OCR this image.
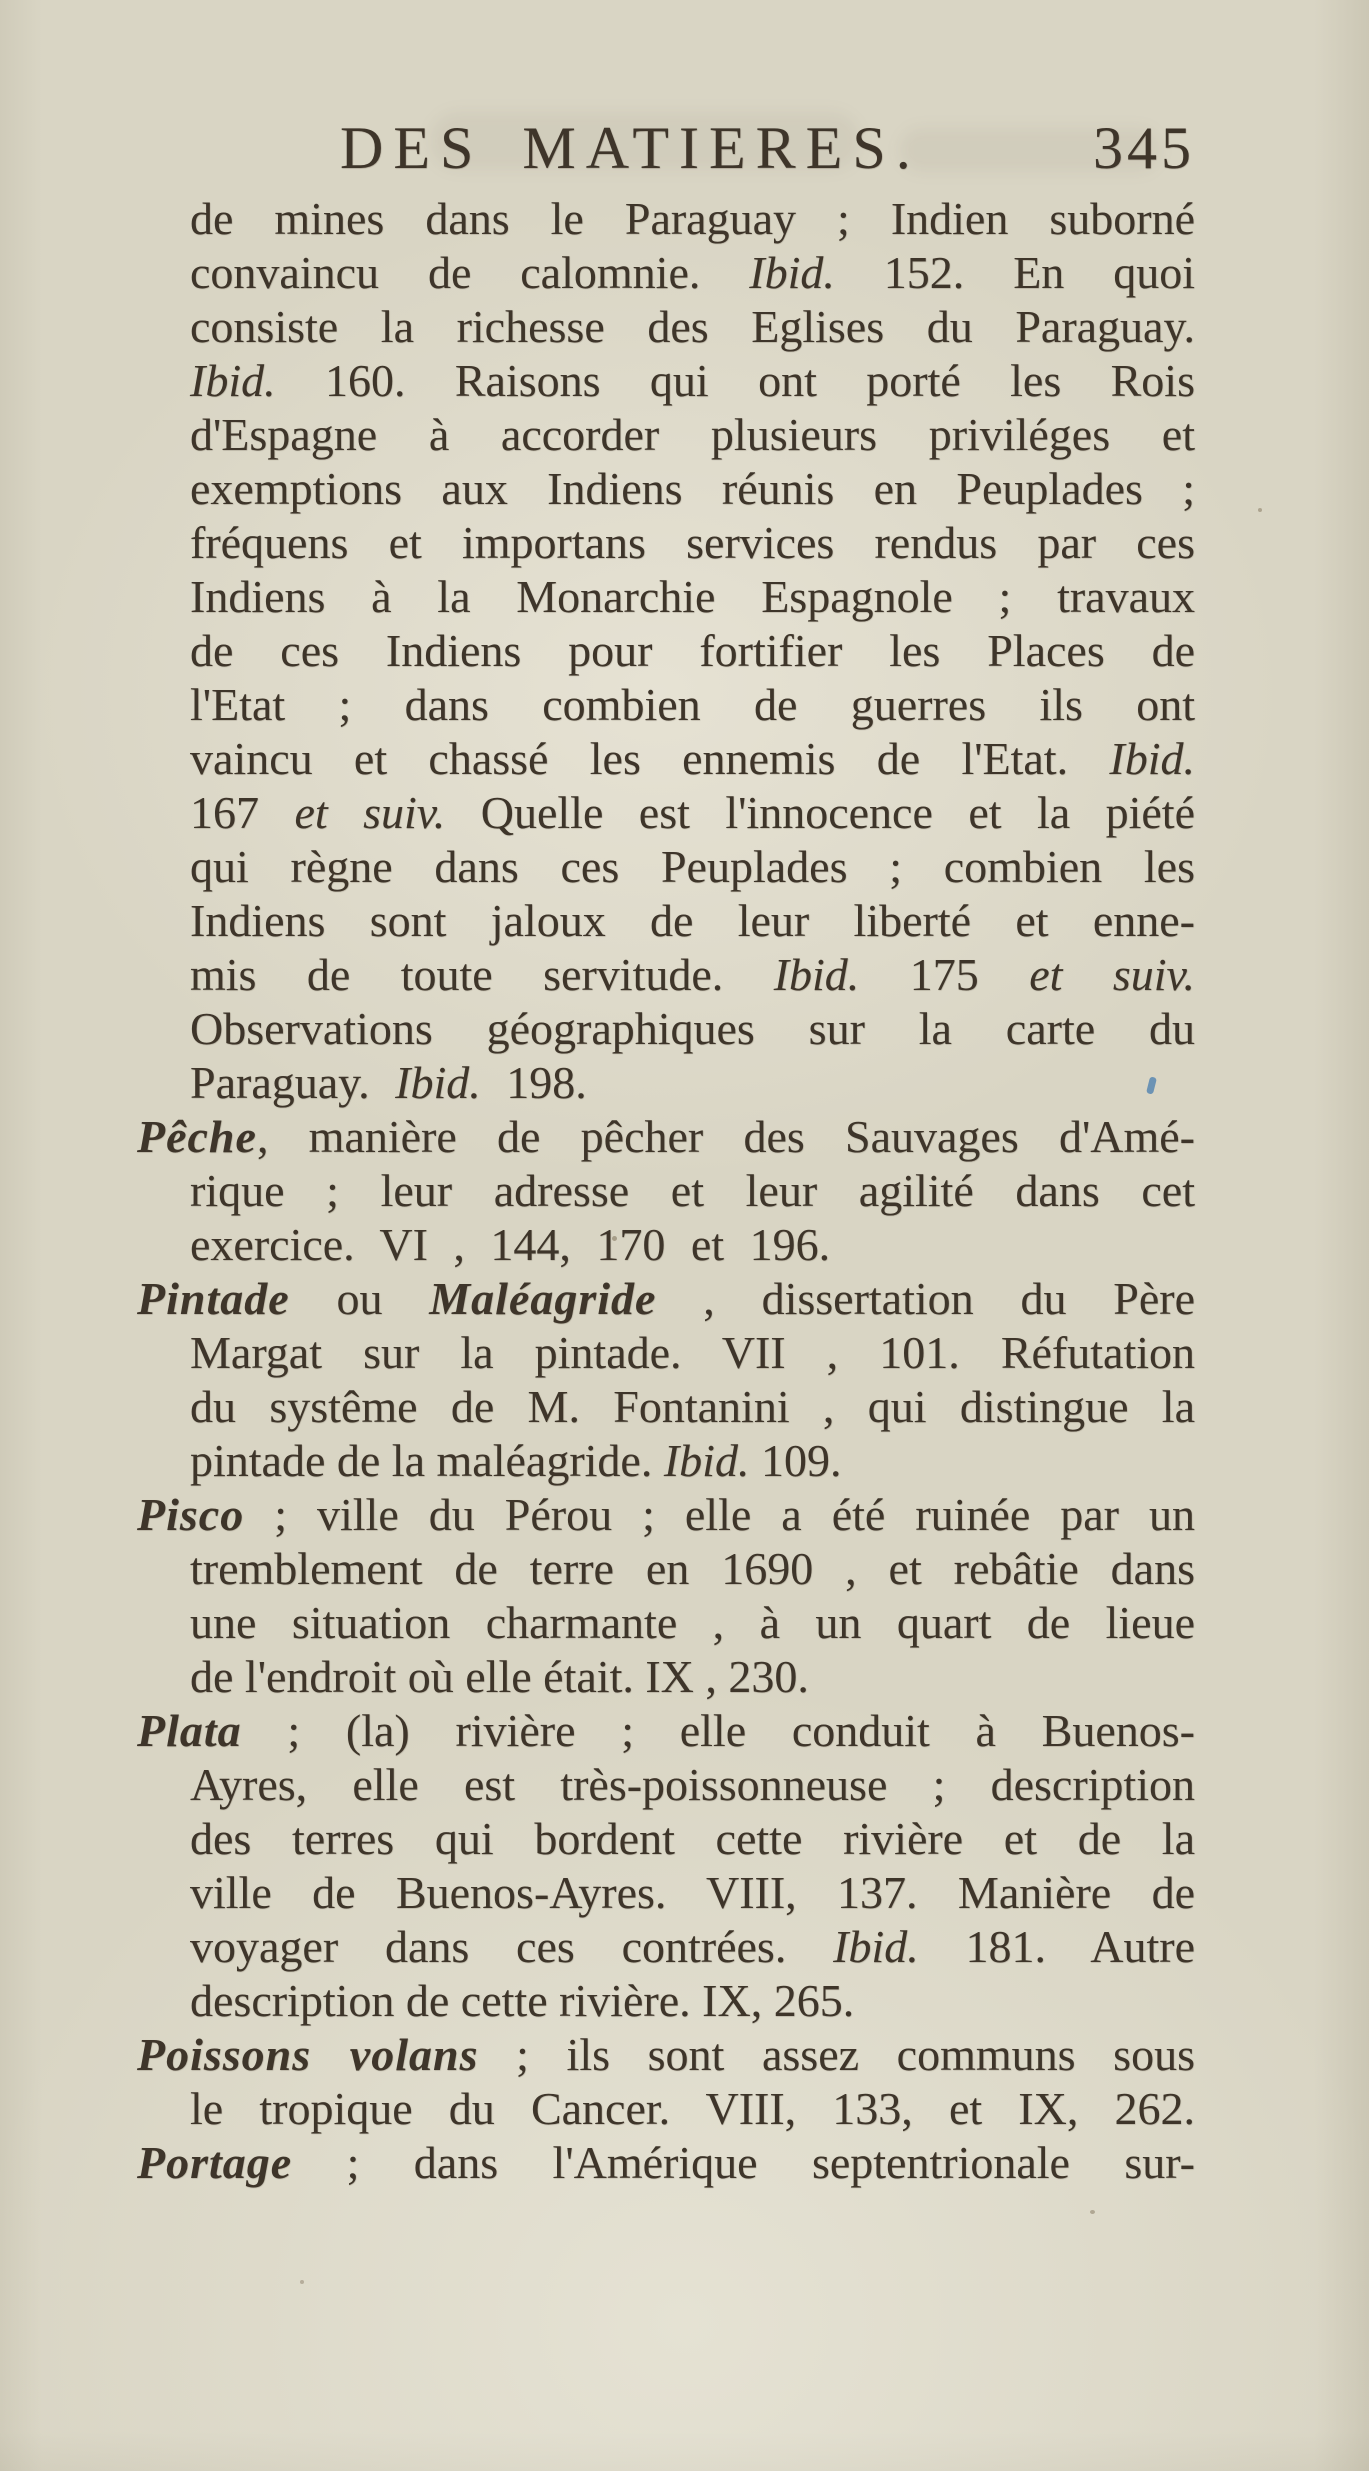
DES MATIERES.	345
de mines dans le Paraguay ; Indien suborné
convaincu de calomnie. Ibid. 152. En quoi
consiste la richesse des Eglises du Paraguay.
Ibid. 160. Raisons qui ont porté les Rois
d'Espagne à accorder plusieurs priviléges et
exemptions aux Indiens réunis en Peuplades ;
fréquens et importans services rendus par ces
Indiens à la Monarchie Espagnole ; travaux
de ces Indiens pour fortifier les Places de
l'Etat ; dans combien de guerres ils ont
vaincu et chassé les ennemis de l'Etat. Ibid.
167 et suiv. Quelle est l'innocence et la piété
qui règne dans ces Peuplades ; combien les
Indiens sont jaloux de leur liberté et enne-
mis de toute servitude. Ibid. 175 et suiv.
Observations géographiques sur la carte du
Paraguay. Ibid. 198.
Pêche, manière de pêcher des Sauvages d'Amé-
rique ; leur adresse et leur agilité dans cet
exercice. VI , 144, 170 et 196.
Pintade ou Maléagride , dissertation du Père
Margat sur la pintade. VII , 101. Réfutation
du systême de M. Fontanini , qui distingue la
pintade de la maléagride. Ibid. 109.
Pisco ; ville du Pérou ; elle a été ruinée par un
tremblement de terre en 1690 , et rebâtie dans
une situation charmante , à un quart de lieue
de l'endroit où elle était. IX , 230.
Plata ; (la) rivière ; elle conduit à Buenos-
Ayres, elle est très-poissonneuse ; description
des terres qui bordent cette rivière et de la
ville de Buenos-Ayres. VIII, 137. Manière de
voyager dans ces contrées. Ibid. 181. Autre
description de cette rivière. IX, 265.
Poissons volans ; ils sont assez communs sous
le tropique du Cancer. VIII, 133, et IX, 262.
Portage ; dans l'Amérique septentrionale sur-
